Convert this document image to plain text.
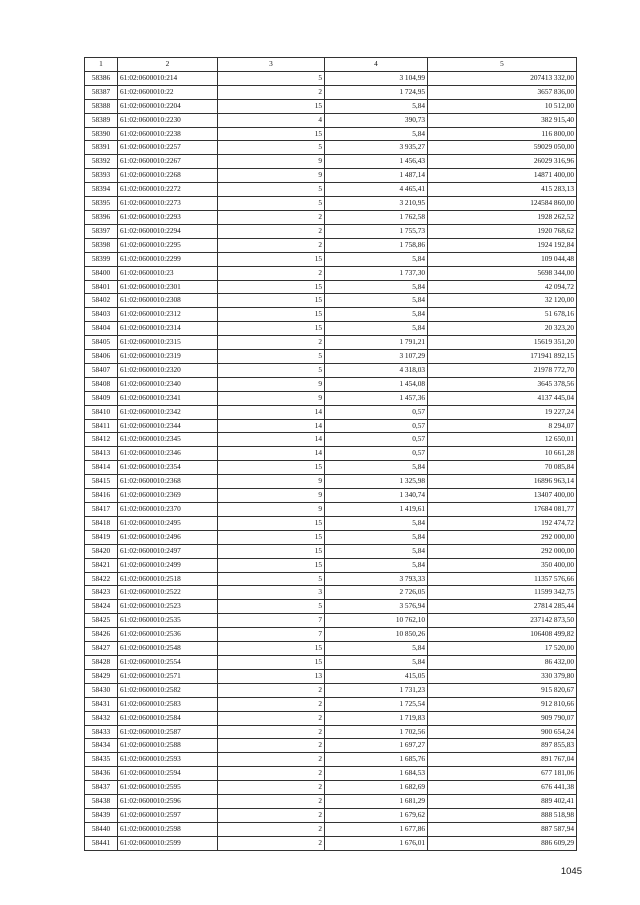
1	2	3	4	5
58386	61:02:0600010:214	5	3 104,99	207413 332,00
58387	61:02:0600010:22	2	1 724,95	3657 836,00
58388	61:02:0600010:2204	15	5,84	10 512,00
58389	61:02:0600010:2230	4	390,73	382 915,40
58390	61:02:0600010:2238	15	5,84	116 800,00
58391	61:02:0600010:2257	5	3 935,27	59029 050,00
58392	61:02:0600010:2267	9	1 456,43	26029 316,96
58393	61:02:0600010:2268	9	1 487,14	14871 400,00
58394	61:02:0600010:2272	5	4 465,41	415 283,13
58395	61:02:0600010:2273	5	3 210,95	124584 860,00
58396	61:02:0600010:2293	2	1 762,58	1928 262,52
58397	61:02:0600010:2294	2	1 755,73	1920 768,62
58398	61:02:0600010:2295	2	1 758,86	1924 192,84
58399	61:02:0600010:2299	15	5,84	109 044,48
58400	61:02:0600010:23	2	1 737,30	5698 344,00
58401	61:02:0600010:2301	15	5,84	42 094,72
58402	61:02:0600010:2308	15	5,84	32 120,00
58403	61:02:0600010:2312	15	5,84	51 678,16
58404	61:02:0600010:2314	15	5,84	20 323,20
58405	61:02:0600010:2315	2	1 791,21	15619 351,20
58406	61:02:0600010:2319	5	3 107,29	171941 892,15
58407	61:02:0600010:2320	5	4 318,03	21978 772,70
58408	61:02:0600010:2340	9	1 454,08	3645 378,56
58409	61:02:0600010:2341	9	1 457,36	4137 445,04
58410	61:02:0600010:2342	14	0,57	19 227,24
58411	61:02:0600010:2344	14	0,57	8 294,07
58412	61:02:0600010:2345	14	0,57	12 650,01
58413	61:02:0600010:2346	14	0,57	10 661,28
58414	61:02:0600010:2354	15	5,84	70 085,84
58415	61:02:0600010:2368	9	1 325,98	16896 963,14
58416	61:02:0600010:2369	9	1 340,74	13407 400,00
58417	61:02:0600010:2370	9	1 419,61	17684 081,77
58418	61:02:0600010:2495	15	5,84	192 474,72
58419	61:02:0600010:2496	15	5,84	292 000,00
58420	61:02:0600010:2497	15	5,84	292 000,00
58421	61:02:0600010:2499	15	5,84	350 400,00
58422	61:02:0600010:2518	5	3 793,33	11357 576,66
58423	61:02:0600010:2522	3	2 726,05	11599 342,75
58424	61:02:0600010:2523	5	3 576,94	27814 285,44
58425	61:02:0600010:2535	7	10 762,10	237142 873,50
58426	61:02:0600010:2536	7	10 850,26	106408 499,82
58427	61:02:0600010:2548	15	5,84	17 520,00
58428	61:02:0600010:2554	15	5,84	86 432,00
58429	61:02:0600010:2571	13	415,05	330 379,80
58430	61:02:0600010:2582	2	1 731,23	915 820,67
58431	61:02:0600010:2583	2	1 725,54	912 810,66
58432	61:02:0600010:2584	2	1 719,83	909 790,07
58433	61:02:0600010:2587	2	1 702,56	900 654,24
58434	61:02:0600010:2588	2	1 697,27	897 855,83
58435	61:02:0600010:2593	2	1 685,76	891 767,04
58436	61:02:0600010:2594	2	1 684,53	677 181,06
58437	61:02:0600010:2595	2	1 682,69	676 441,38
58438	61:02:0600010:2596	2	1 681,29	889 402,41
58439	61:02:0600010:2597	2	1 679,62	888 518,98
58440	61:02:0600010:2598	2	1 677,86	887 587,94
58441	61:02:0600010:2599	2	1 676,01	886 609,29
1045
